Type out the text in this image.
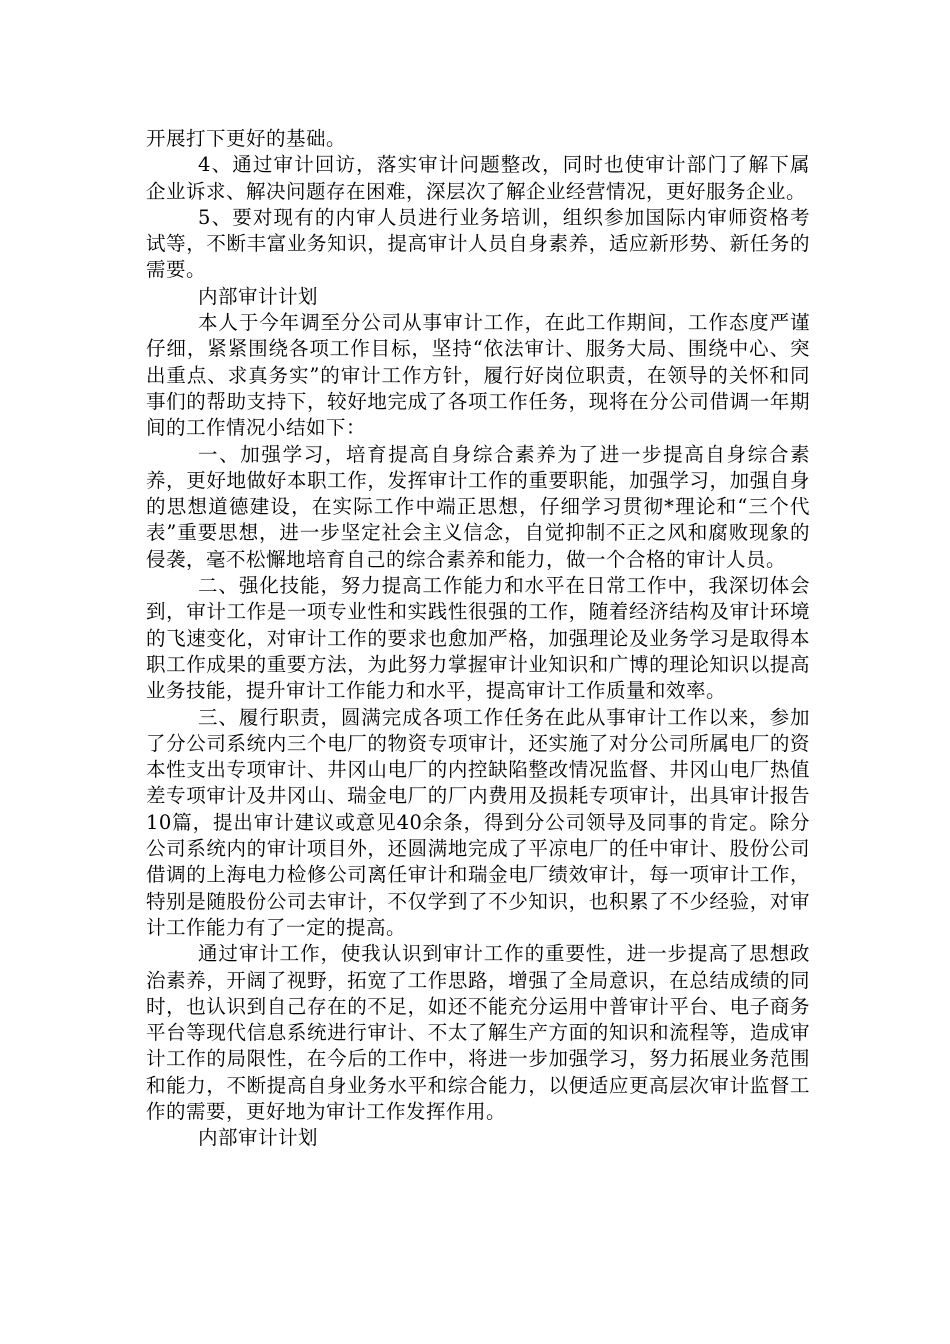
开展打下更好的基础。

4、通过审计回访，落实审计问题整改，同时也使审计部门了解下属企业诉求、解决问题存在困难，深层次了解企业经营情况，更好服务企业。

5、要对现有的内审人员进行业务培训，组织参加国际内审师资格考试等，不断丰富业务知识，提高审计人员自身素养，适应新形势、新任务的需要。

内部审计计划

本人于今年调至分公司从事审计工作，在此工作期间，工作态度严谨仔细，紧紧围绕各项工作目标，坚持“依法审计、服务大局、围绕中心、突出重点、求真务实”的审计工作方针，履行好岗位职责，在领导的关怀和同事们的帮助支持下，较好地完成了各项工作任务，现将在分公司借调一年期间的工作情况小结如下：

一、加强学习，培育提高自身综合素养为了进一步提高自身综合素养，更好地做好本职工作，发挥审计工作的重要职能，加强学习，加强自身的思想道德建设，在实际工作中端正思想，仔细学习贯彻*理论和“三个代表”重要思想，进一步坚定社会主义信念，自觉抑制不正之风和腐败现象的侵袭，毫不松懈地培育自己的综合素养和能力，做一个合格的审计人员。

二、强化技能，努力提高工作能力和水平在日常工作中，我深切体会到，审计工作是一项专业性和实践性很强的工作，随着经济结构及审计环境的飞速变化，对审计工作的要求也愈加严格，加强理论及业务学习是取得本职工作成果的重要方法，为此努力掌握审计业知识和广博的理论知识以提高业务技能，提升审计工作能力和水平，提高审计工作质量和效率。

三、履行职责，圆满完成各项工作任务在此从事审计工作以来，参加了分公司系统内三个电厂的物资专项审计，还实施了对分公司所属电厂的资本性支出专项审计、井冈山电厂的内控缺陷整改情况监督、井冈山电厂热值差专项审计及井冈山、瑞金电厂的厂内费用及损耗专项审计，出具审计报告10篇，提出审计建议或意见40余条，得到分公司领导及同事的肯定。除分公司系统内的审计项目外，还圆满地完成了平凉电厂的任中审计、股份公司借调的上海电力检修公司离任审计和瑞金电厂绩效审计，每一项审计工作，特别是随股份公司去审计，不仅学到了不少知识，也积累了不少经验，对审计工作能力有了一定的提高。

通过审计工作，使我认识到审计工作的重要性，进一步提高了思想政治素养，开阔了视野，拓宽了工作思路，增强了全局意识，在总结成绩的同时，也认识到自己存在的不足，如还不能充分运用中普审计平台、电子商务平台等现代信息系统进行审计、不太了解生产方面的知识和流程等，造成审计工作的局限性，在今后的工作中，将进一步加强学习，努力拓展业务范围和能力，不断提高自身业务水平和综合能力，以便适应更高层次审计监督工作的需要，更好地为审计工作发挥作用。

内部审计计划
